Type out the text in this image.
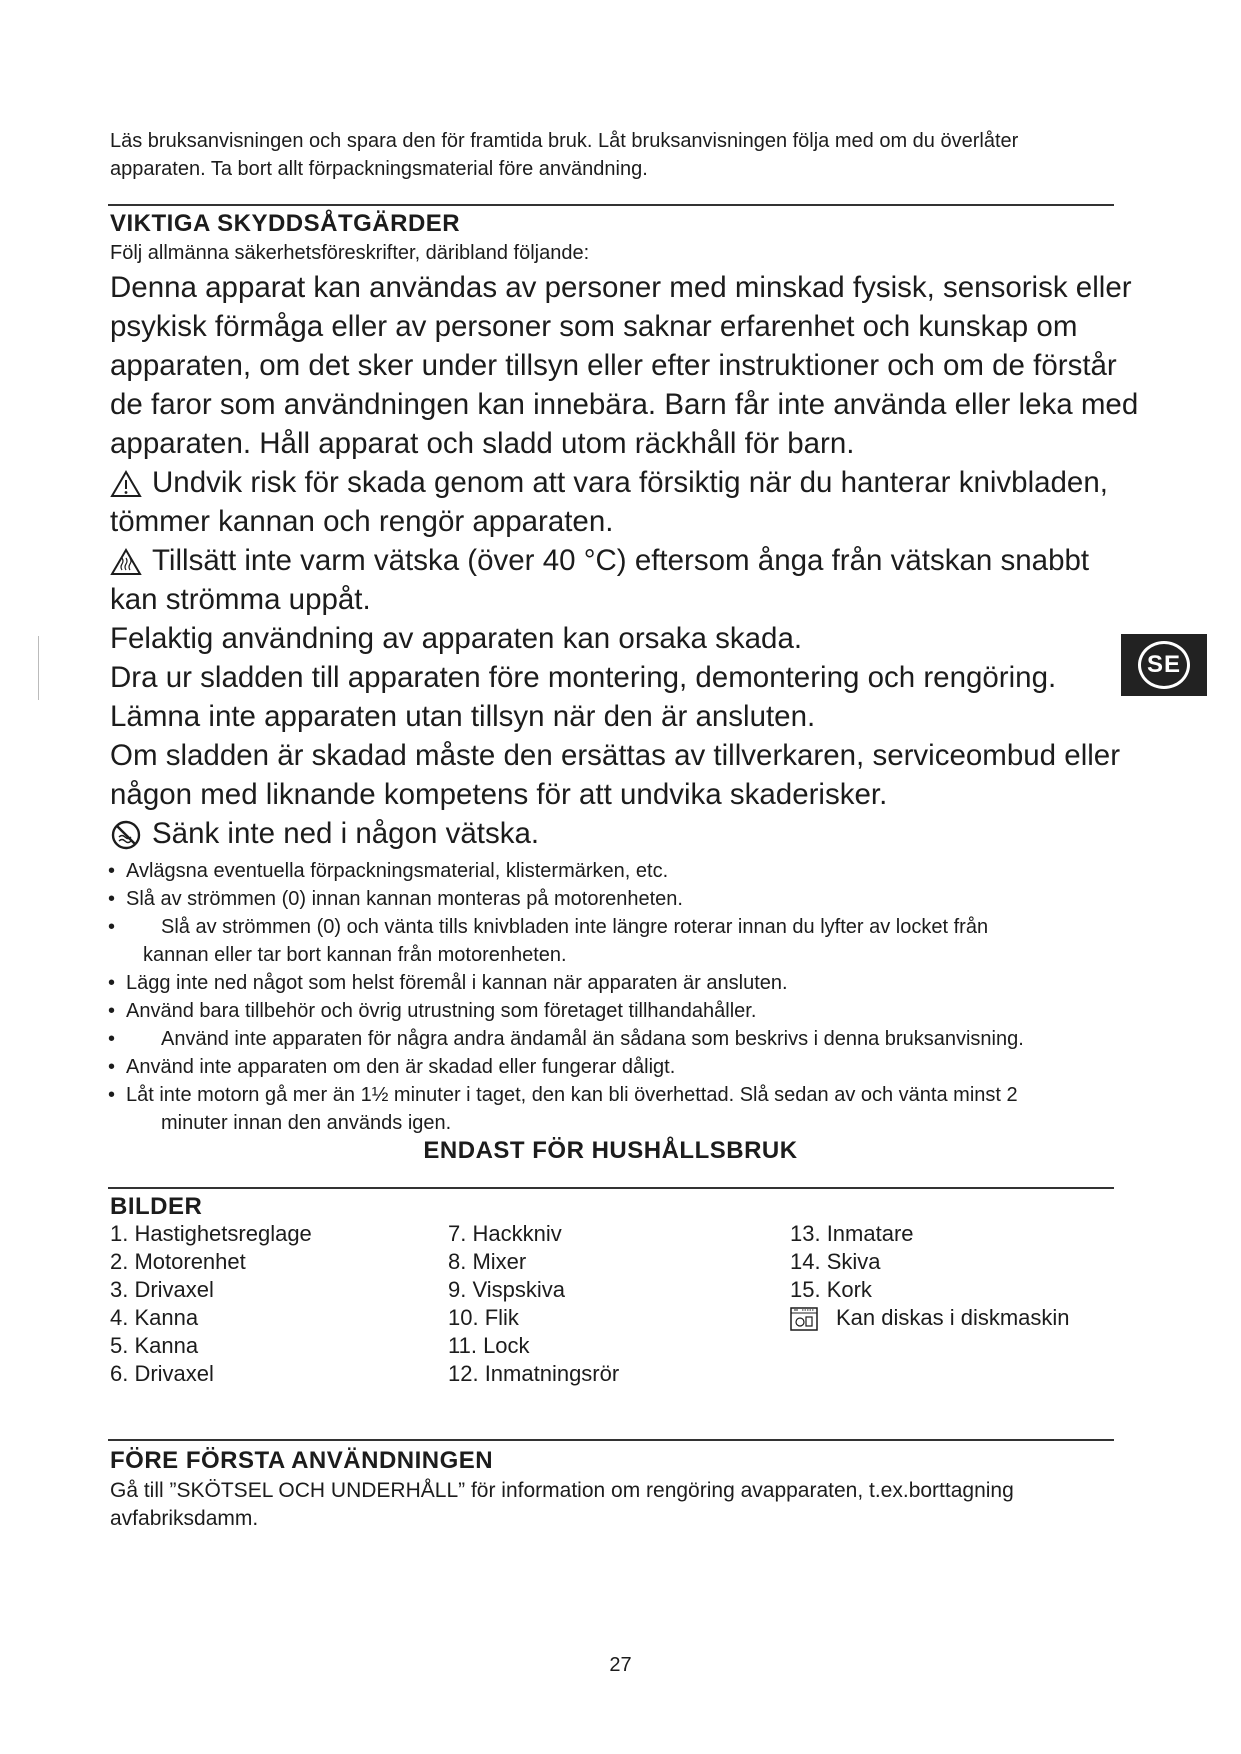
Läs bruksanvisningen och spara den för framtida bruk. Låt bruksanvisningen följa med om du överlåter apparaten. Ta bort allt förpackningsmaterial före användning.
VIKTIGA SKYDDSÅTGÄRDER
Följ allmänna säkerhetsföreskrifter, däribland följande:

Denna apparat kan användas av personer med minskad fysisk, sensorisk eller psykisk förmåga eller av personer som saknar erfarenhet och kunskap om apparaten, om det sker under tillsyn eller efter instruktioner och om de förstår de faror som användningen kan innebära. Barn får inte använda eller leka med apparaten. Håll apparat och sladd utom räckhåll för barn.

Undvik risk för skada genom att vara försiktig när du hanterar knivbladen, tömmer kannan och rengör apparaten.

Tillsätt inte varm vätska (över 40 °C) eftersom ånga från vätskan snabbt kan strömma uppåt.

Felaktig användning av apparaten kan orsaka skada.

Dra ur sladden till apparaten före montering, demontering och rengöring.

Lämna inte apparaten utan tillsyn när den är ansluten.

Om sladden är skadad måste den ersättas av tillverkaren, serviceombud eller någon med liknande kompetens för att undvika skaderisker.

Sänk inte ned i någon vätska.

• Avlägsna eventuella förpackningsmaterial, klistermärken, etc.
• Slå av strömmen (0) innan kannan monteras på motorenheten.
• Slå av strömmen (0) och vänta tills knivbladen inte längre roterar innan du lyfter av locket från
kannan eller tar bort kannan från motorenheten.
• Lägg inte ned något som helst föremål i kannan när apparaten är ansluten.
• Använd bara tillbehör och övrig utrustning som företaget tillhandahåller.
• Använd inte apparaten för några andra ändamål än sådana som beskrivs i denna bruksanvisning.
• Använd inte apparaten om den är skadad eller fungerar dåligt.
• Låt inte motorn gå mer än 1½ minuter i taget, den kan bli överhettad. Slå sedan av och vänta minst 2
minuter innan den används igen.
ENDAST FÖR HUSHÅLLSBRUK
BILDER
1. Hastighetsreglage
2. Motorenhet
3. Drivaxel
4. Kanna
5. Kanna
6. Drivaxel
7. Hackkniv
8. Mixer
9. Vispskiva
10. Flik
11. Lock
12. Inmatningsrör
13. Inmatare
14. Skiva
15. Kork
Kan diskas i diskmaskin
FÖRE FÖRSTA ANVÄNDNINGEN
Gå till ”SKÖTSEL OCH UNDERHÅLL” för information om rengöring avapparaten, t.ex.borttagning avfabriksdamm.
SE
27
